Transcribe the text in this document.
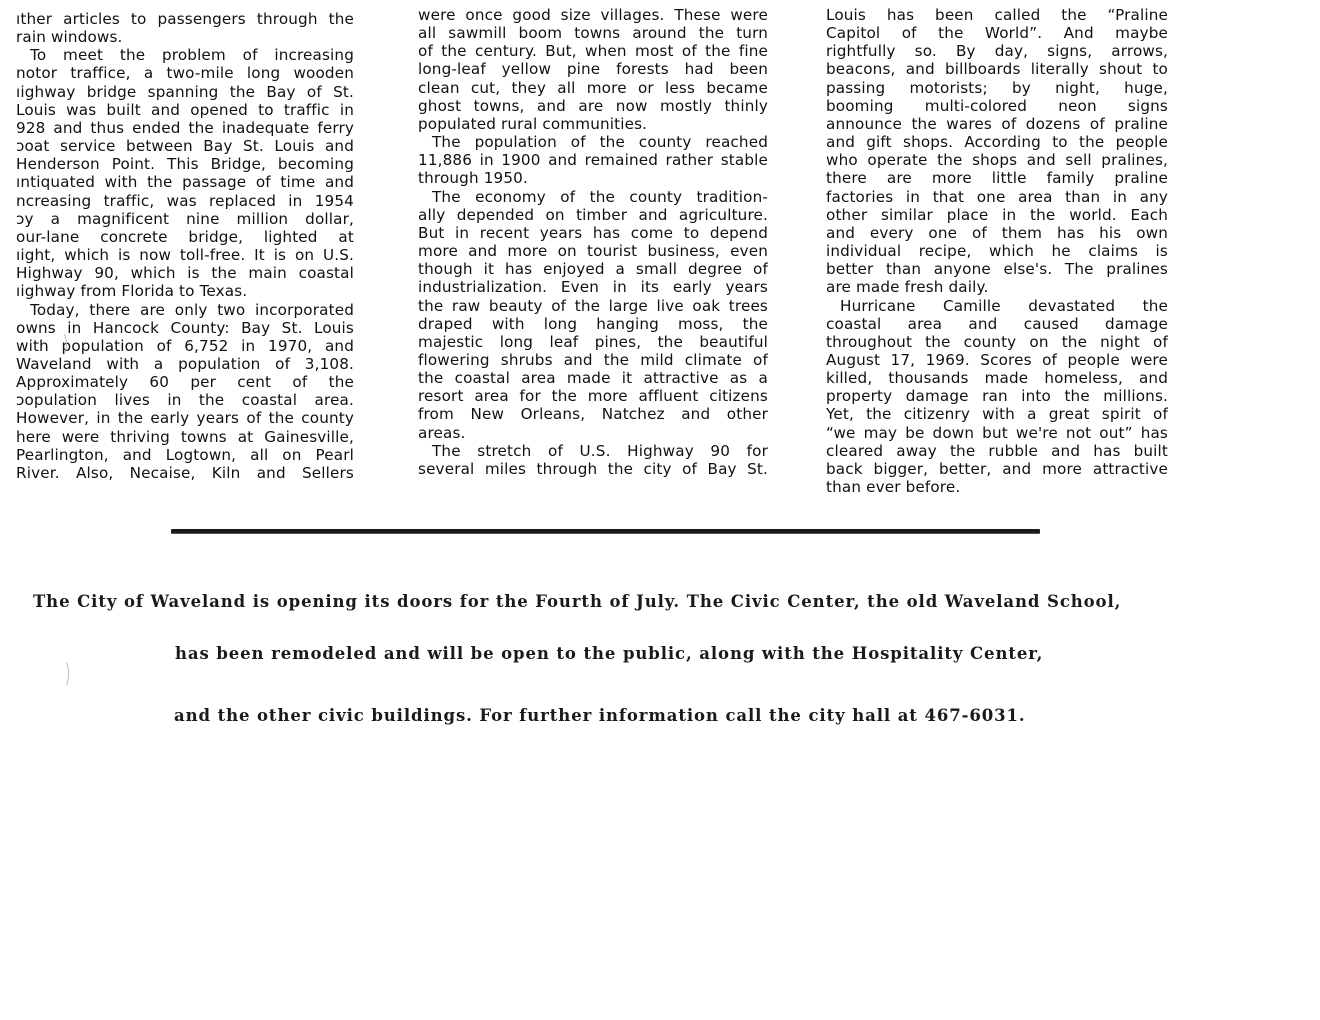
ıther articles to passengers through the
rain windows.
To meet the problem of increasing
notor traffice, a two-mile long wooden
ıighway bridge spanning the Bay of St.
Louis was built and opened to traffic in
928 and thus ended the inadequate ferry
ɔoat service between Bay St. Louis and
Henderson Point. This Bridge, becoming
ıntiquated with the passage of time and
ncreasing traffic, was replaced in 1954
ɔy a magnificent nine million dollar,
our-lane concrete bridge, lighted at
ıight, which is now toll-free. It is on U.S.
Highway 90, which is the main coastal
ıighway from Florida to Texas.
Today, there are only two incorporated
owns in Hancock County: Bay St. Louis
with population of 6,752 in 1970, and
Waveland with a population of 3,108.
Approximately 60 per cent of the
ɔopulation lives in the coastal area.
However, in the early years of the county
here were thriving towns at Gainesville,
Pearlington, and Logtown, all on Pearl
River. Also, Necaise, Kiln and Sellers
were once good size villages. These were
all sawmill boom towns around the turn
of the century. But, when most of the fine
long-leaf yellow pine forests had been
clean cut, they all more or less became
ghost towns, and are now mostly thinly
populated rural communities.
The population of the county reached
11,886 in 1900 and remained rather stable
through 1950.
The economy of the county tradition-
ally depended on timber and agriculture.
But in recent years has come to depend
more and more on tourist business, even
though it has enjoyed a small degree of
industrialization. Even in its early years
the raw beauty of the large live oak trees
draped with long hanging moss, the
majestic long leaf pines, the beautiful
flowering shrubs and the mild climate of
the coastal area made it attractive as a
resort area for the more affluent citizens
from New Orleans, Natchez and other
areas.
The stretch of U.S. Highway 90 for
several miles through the city of Bay St.
Louis has been called the “Praline
Capitol of the World”. And maybe
rightfully so. By day, signs, arrows,
beacons, and billboards literally shout to
passing motorists; by night, huge,
booming multi-colored neon signs
announce the wares of dozens of praline
and gift shops. According to the people
who operate the shops and sell pralines,
there are more little family praline
factories in that one area than in any
other similar place in the world. Each
and every one of them has his own
individual recipe, which he claims is
better than anyone else's. The pralines
are made fresh daily.
Hurricane Camille devastated the
coastal area and caused damage
throughout the county on the night of
August 17, 1969. Scores of people were
killed, thousands made homeless, and
property damage ran into the millions.
Yet, the citizenry with a great spirit of
“we may be down but we're not out” has
cleared away the rubble and has built
back bigger, better, and more attractive
than ever before.
The City of Waveland is opening its doors for the Fourth of July. The Civic Center, the old Waveland School,
has been remodeled and will be open to the public, along with the Hospitality Center,
and the other civic buildings. For further information call the city hall at 467-6031.
